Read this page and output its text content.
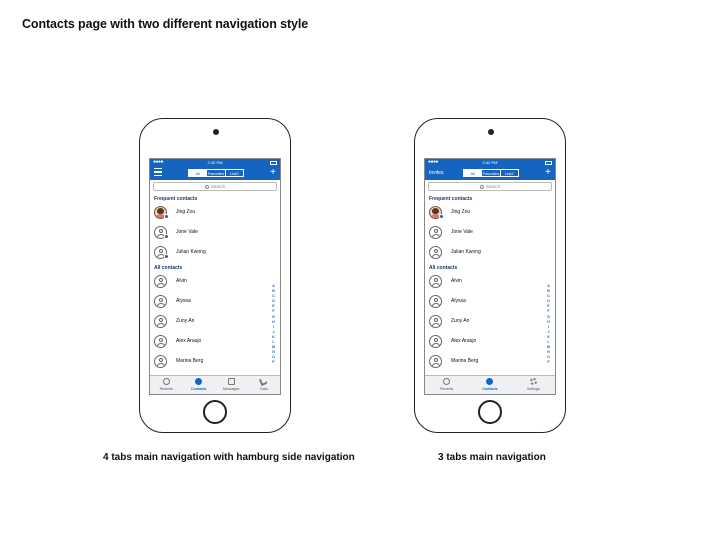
Contacts page with two different navigation style
●●●●	2:42 PM
All	Favorites	List2	+
Search
Frequent contacts
Jing Zou
Jone Vale
Julian Kwong
All contacts
Alvin
Alyssa
Zuny An
Alex Araujo
Marina Berg
A
B
C
D
E
F
G
H
I
J
K
L
M
N
O
P
Recents	Contacts	Messages	Calls
●●●●	2:42 PM
Invites	All	Favorites	List2	+
Search
Frequent contacts
Jing Zou
Jone Vale
Julian Kwong
All contacts
Alvin
Alyssa
Zuny An
Alex Araujo
Marina Berg
A
B
C
D
E
F
G
H
I
J
K
L
M
N
O
P
Recents	Contacts	Settings
4 tabs main navigation with hamburg side navigation	3 tabs main navigation
